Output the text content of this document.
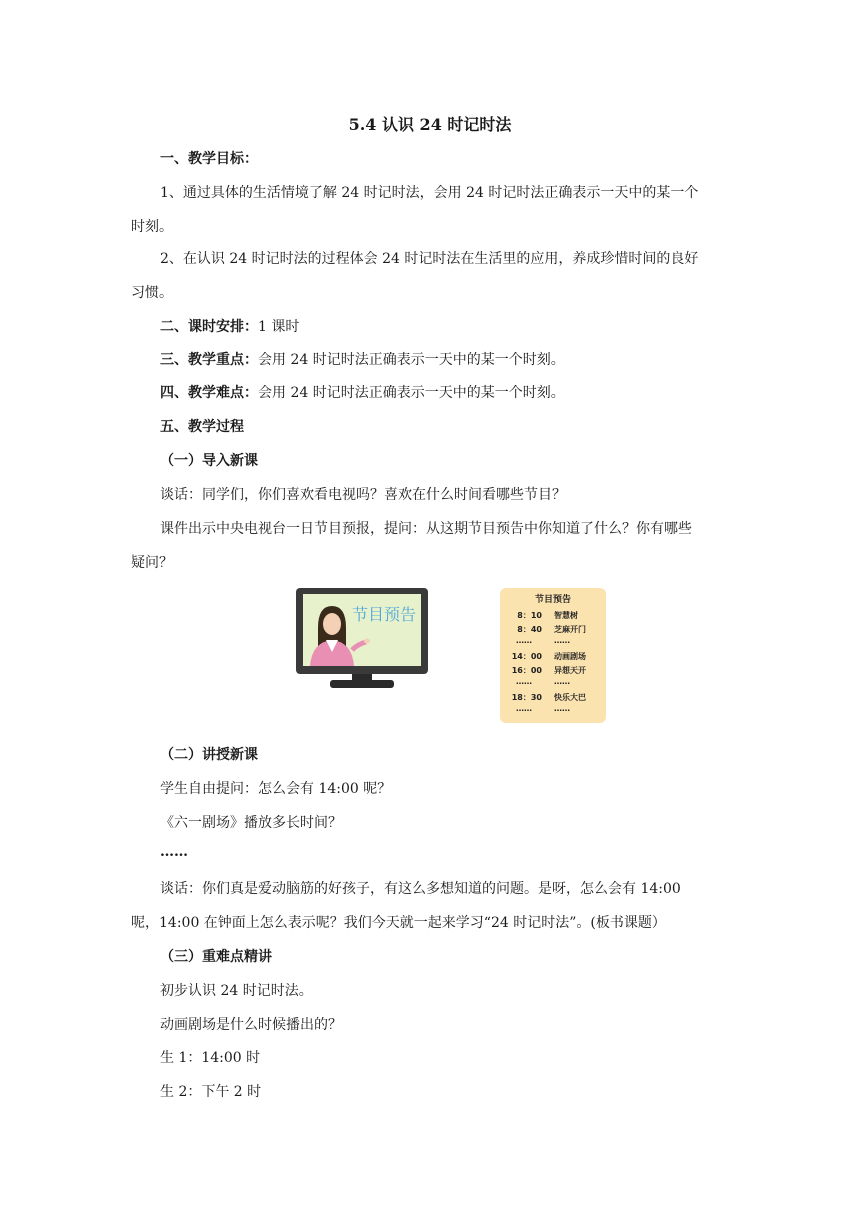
5.4 认识 24 时记时法
一、教学目标：
1、通过具体的生活情境了解 24 时记时法，会用 24 时记时法正确表示一天中的某一个
时刻。
2、在认识 24 时记时法的过程体会 24 时记时法在生活里的应用，养成珍惜时间的良好
习惯。
二、课时安排：1 课时
三、教学重点：会用 24 时记时法正确表示一天中的某一个时刻。
四、教学难点：会用 24 时记时法正确表示一天中的某一个时刻。
五、教学过程
（一）导入新课
谈话：同学们，你们喜欢看电视吗？喜欢在什么时间看哪些节目？
课件出示中央电视台一日节目预报，提问：从这期节目预告中你知道了什么？你有哪些
疑问？
节目预告
节目预告
8：10 智慧树
8：40 芝麻开门
……	……
14：00 动画剧场
16：00 异想天开
……	……
18：30 快乐大巴
……	……
（二）讲授新课
学生自由提问：怎么会有 14:00 呢？
《六一剧场》播放多长时间？
……
谈话：你们真是爱动脑筋的好孩子，有这么多想知道的问题。是呀，怎么会有 14:00
呢，14:00 在钟面上怎么表示呢？我们今天就一起来学习“24 时记时法”。(板书课题）
（三）重难点精讲
初步认识 24 时记时法。
动画剧场是什么时候播出的？
生 1：14:00 时
生 2：下午 2 时
